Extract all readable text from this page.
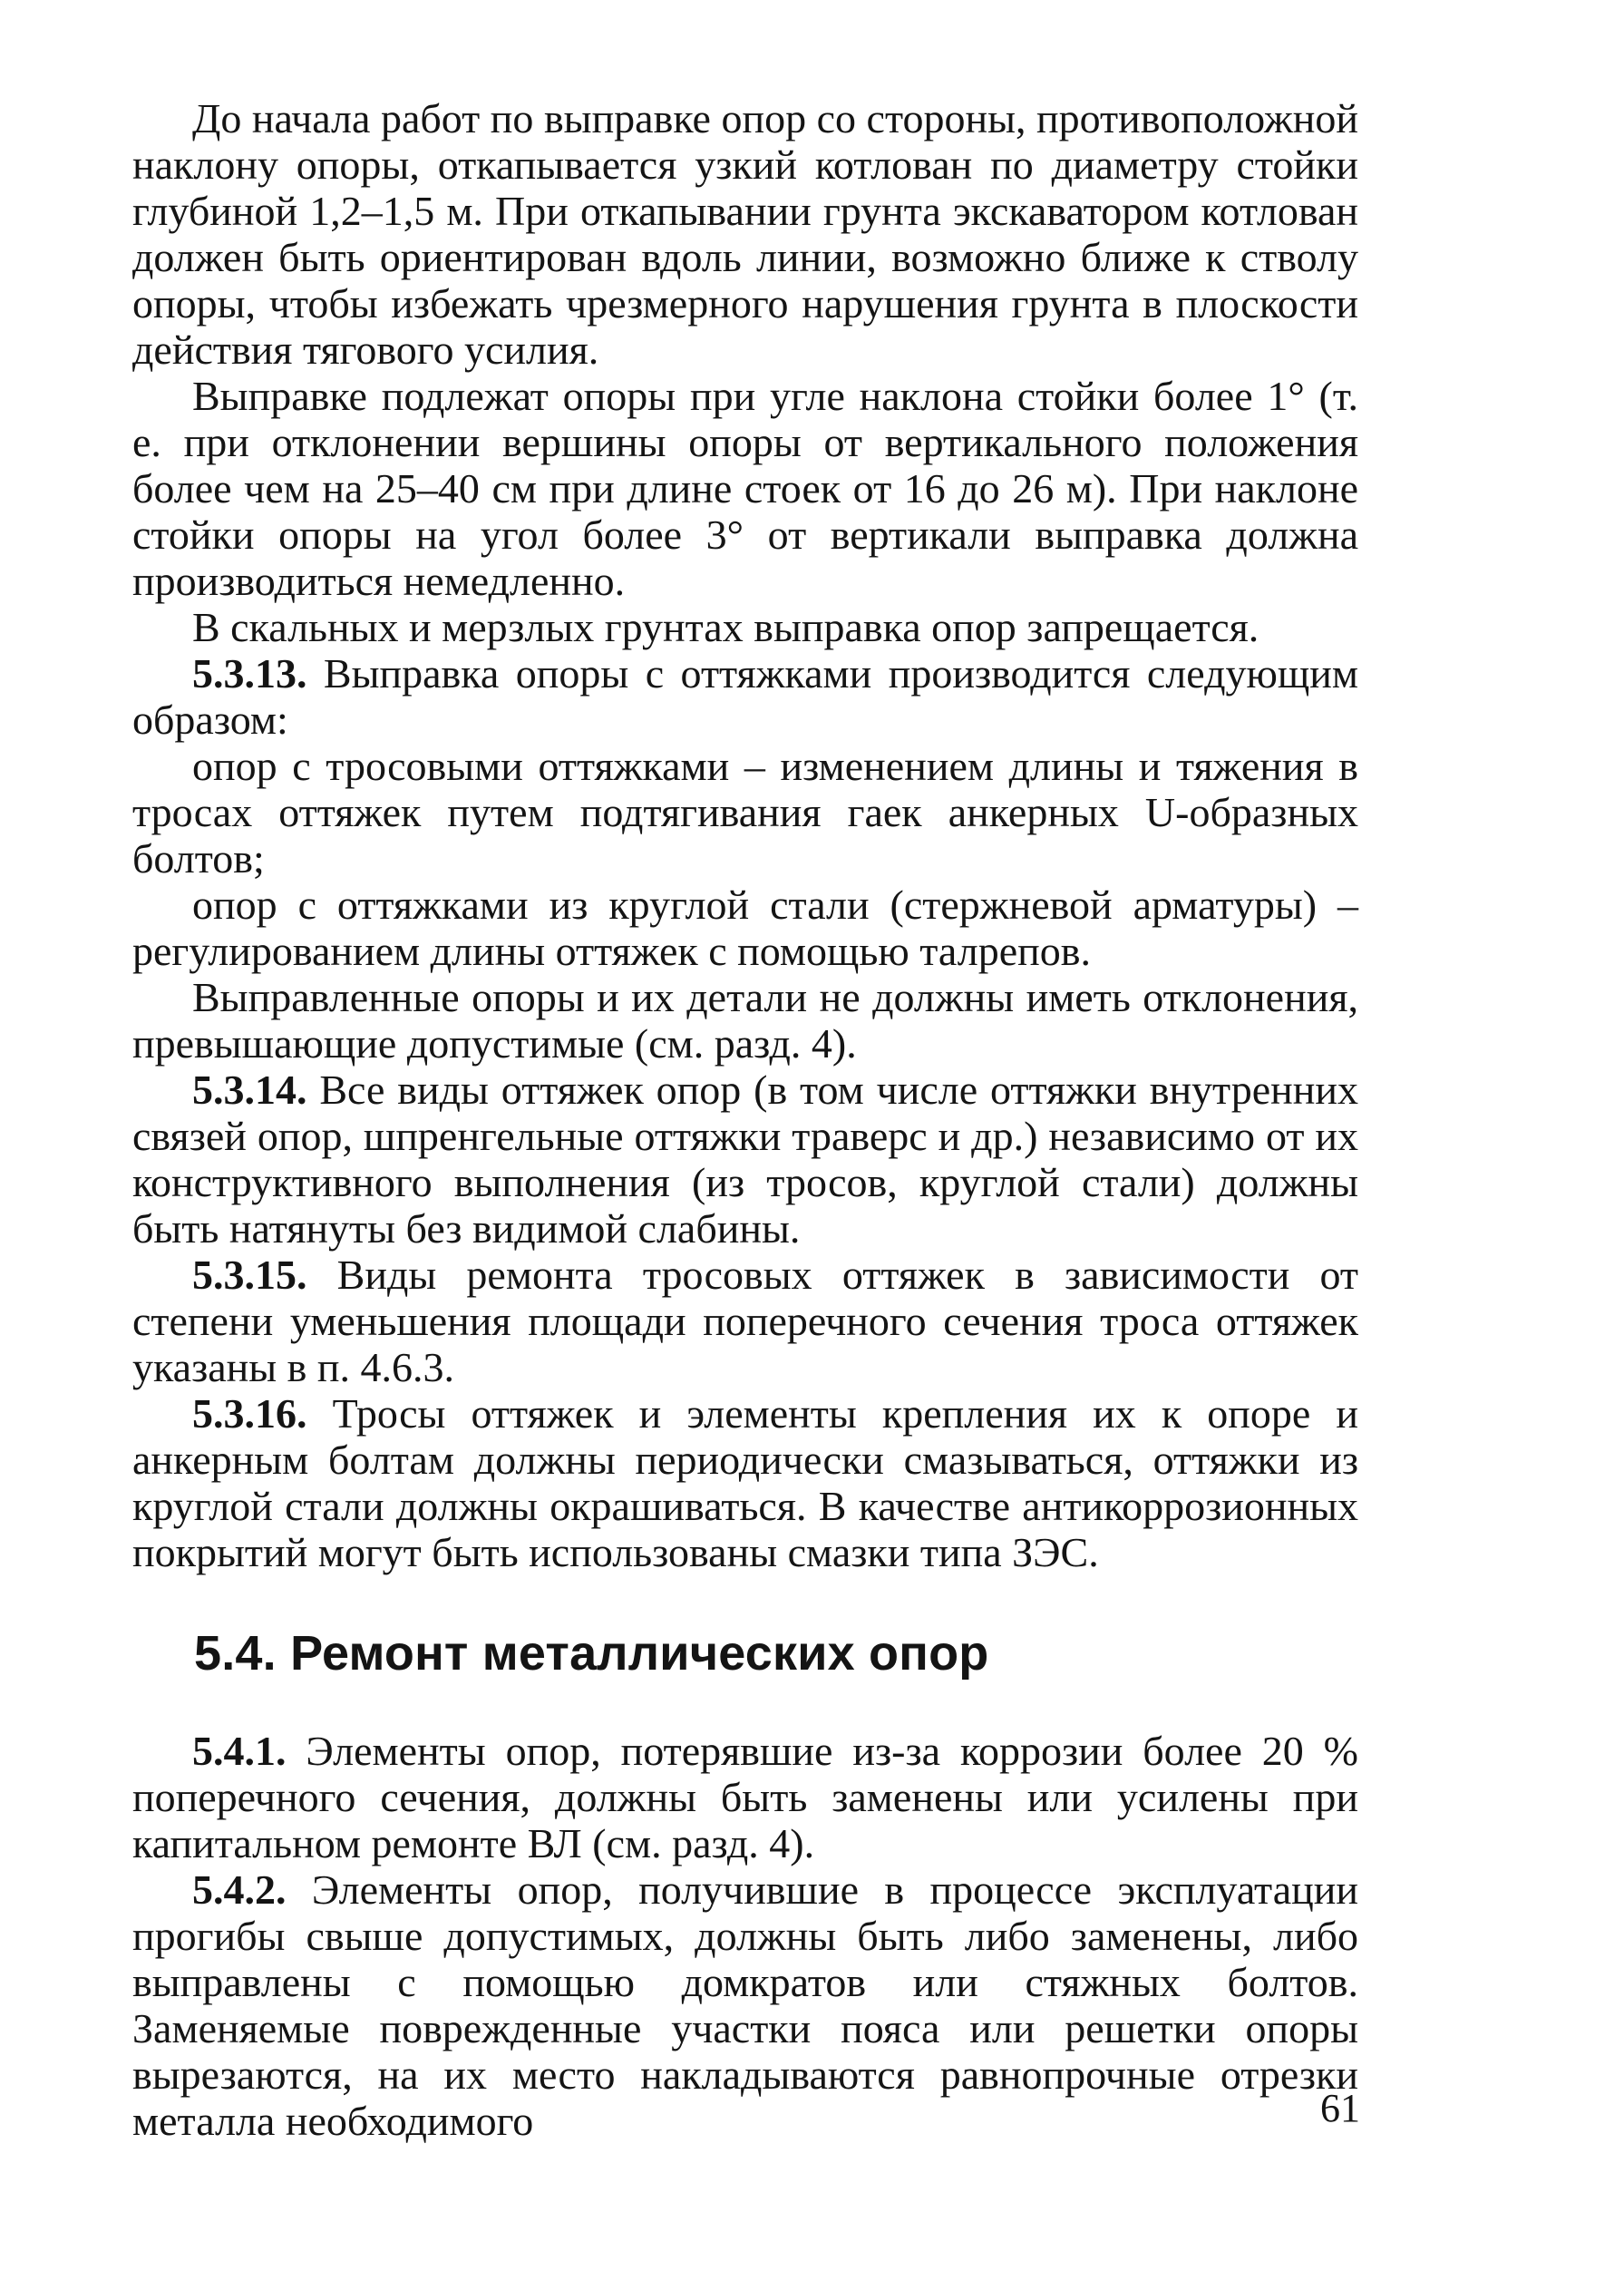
До начала работ по выправке опор со стороны, противоположной наклону опоры, откапывается узкий котлован по диаметру стойки глубиной 1,2–1,5 м. При откапывании грунта экскаватором котлован должен быть ориентирован вдоль линии, возможно ближе к стволу опоры, чтобы избежать чрезмерного нарушения грунта в плоскости действия тягового усилия.

Выправке подлежат опоры при угле наклона стойки более 1° (т. е. при отклонении вершины опоры от вертикального положения более чем на 25–40 см при длине стоек от 16 до 26 м). При наклоне стойки опоры на угол более 3° от вертикали выправка должна производиться немедленно.

В скальных и мерзлых грунтах выправка опор запрещается.

5.3.13. Выправка опоры с оттяжками производится следующим образом:

опор с тросовыми оттяжками – изменением длины и тяжения в тросах оттяжек путем подтягивания гаек анкерных U-образных болтов;

опор с оттяжками из круглой стали (стержневой арматуры) – регулированием длины оттяжек с помощью талрепов.

Выправленные опоры и их детали не должны иметь отклонения, превышающие допустимые (см. разд. 4).

5.3.14. Все виды оттяжек опор (в том числе оттяжки внутренних связей опор, шпренгельные оттяжки траверс и др.) независимо от их конструктивного выполнения (из тросов, круглой стали) должны быть натянуты без видимой слабины.

5.3.15. Виды ремонта тросовых оттяжек в зависимости от степени уменьшения площади поперечного сечения троса оттяжек указаны в п. 4.6.3.

5.3.16. Тросы оттяжек и элементы крепления их к опоре и анкерным болтам должны периодически смазываться, оттяжки из круглой стали должны окрашиваться. В качестве антикоррозионных покрытий могут быть использованы смазки типа ЗЭС.

5.4. Ремонт металлических опор

5.4.1. Элементы опор, потерявшие из-за коррозии более 20 % поперечного сечения, должны быть заменены или усилены при капитальном ремонте ВЛ (см. разд. 4).

5.4.2. Элементы опор, получившие в процессе эксплуатации прогибы свыше допустимых, должны быть либо заменены, либо выправлены с помощью домкратов или стяжных болтов. Заменяемые поврежденные участки пояса или решетки опоры вырезаются, на их место накладываются равнопрочные отрезки металла необходимого	61
